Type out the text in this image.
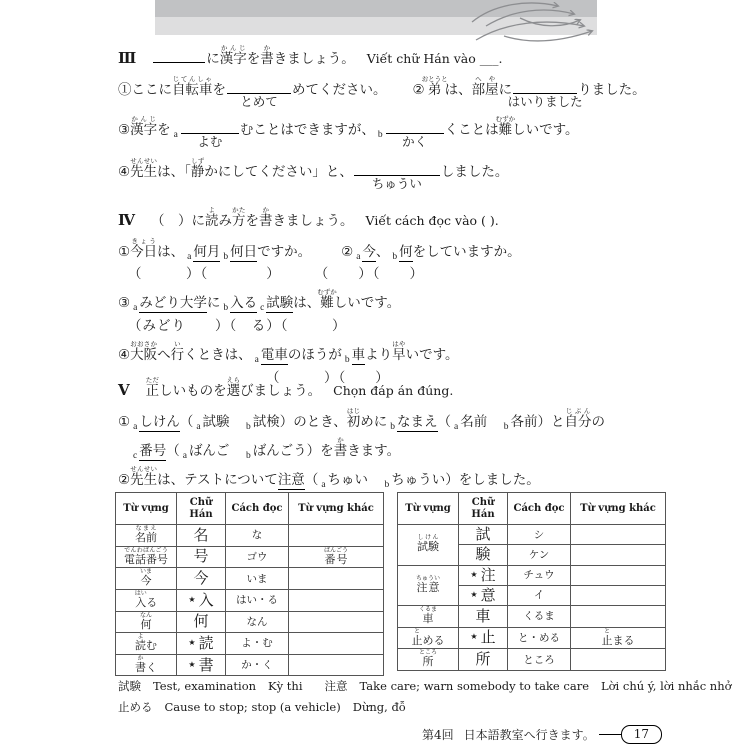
Ⅲ	に漢字かんじを書かきましょう。 Viết chữ Hán vào ___.
①ここに自転車じてんしゃを
とめて
めてください。 ②弟おとうとは、部屋へやに
はいりました
りました。
③漢字かんじを $_a$ よむ
むことはできますが、 $_b$ かく
くことは難むずかしいです。
④先生せんせいは、「静しずかにしてください」と、
ちゅうい
しました。
Ⅳ （　）に読よみ方かたを書かきましょう。 Viết cách đọc vào ( ).
①今日きょうは、 $_a$ 何月 $_b$ 何日ですか。 ② $_a$ 今、 $_b$ 何をしていますか。
（　　　）（　　　　）	（　　）（　　）
③ $_a$ みどり大学に $_b$ 入る $_c$ 試験は、難むずかしいです。
（みどり　　）（　る）（　　　）
④大阪おおさかへ行いくときは、 $_a$ 電車のほうが $_b$ 車より早はやいです。
（　　　）（　　）
Ⅴ 正ただしいものを選えらびましょう。 Chọn đáp án đúng.
① $_a$ しけん（ $_a$ 試験　$_b$ 試検）のとき、初はじめに $_b$ なまえ（ $_a$ 名前　$_b$ 各前）と自分じぶんの
$_c$ 番号（ $_a$ ばんご　$_b$ ばんごう）を書かきます。
②先生せんせいは、テストについて注意（ $_a$ ちゅい　$_b$ ちゅうい）をしました。
Từ vựng	Chữ Hán	Cách đọc	Từ vựng khác
名前なまえ	名	な	
電話番号でんわばんごう	号	ゴウ	番号ばんごう
今いま	今	いま	
入はいる	★ 入	はい・る	
何なん	何	なん	
読よむ	★ 読	よ・む	
書かく	★ 書	か・く	
Từ vựng	Chữ Hán	Cách đọc	Từ vựng khác
試験しけん	試	シ	
	験	ケン	
注意ちゅうい	★ 注	チュウ	
	★ 意	イ	
車くるま	車	くるま	
止とめる	★ 止	と・める	止とまる
所ところ	所	ところ	
試験 Test, examination Kỳ thi 注意 Take care; warn somebody to take care Lời chú ý, lời nhắc nhở
止める Cause to stop; stop (a vehicle) Dừng, đỗ
第4回 日本語教室へ行きます。	17
